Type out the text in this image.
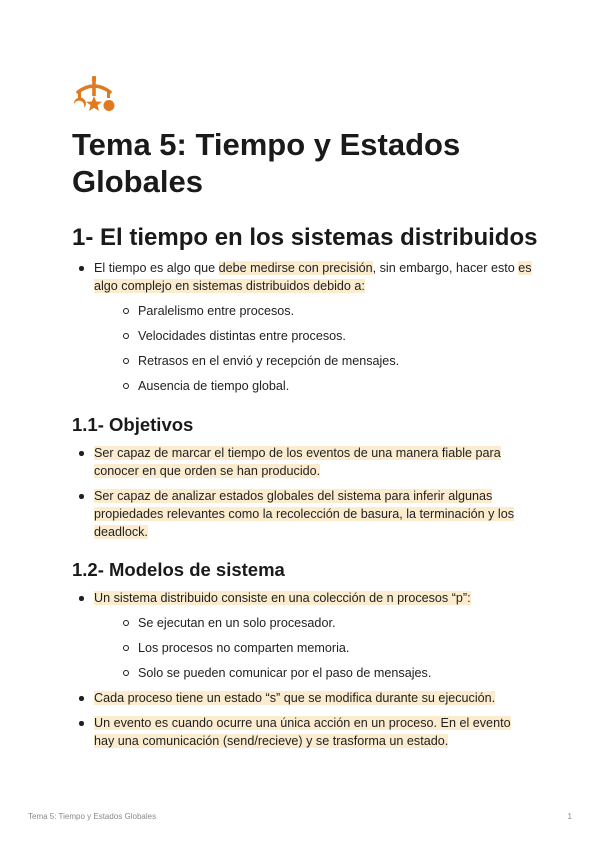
Tema 5: Tiempo y Estados Globales
1- El tiempo en los sistemas distribuidos
El tiempo es algo que debe medirse con precisión, sin embargo, hacer esto es algo complejo en sistemas distribuidos debido a:
Paralelismo entre procesos.
Velocidades distintas entre procesos.
Retrasos en el envió y recepción de mensajes.
Ausencia de tiempo global.
1.1- Objetivos
Ser capaz de marcar el tiempo de los eventos de una manera fiable para conocer en que orden se han producido.
Ser capaz de analizar estados globales del sistema para inferir algunas propiedades relevantes como la recolección de basura, la terminación y los deadlock.
1.2- Modelos de sistema
Un sistema distribuido consiste en una colección de n procesos “p”:
Se ejecutan en un solo procesador.
Los procesos no comparten memoria.
Solo se pueden comunicar por el paso de mensajes.
Cada proceso tiene un estado “s” que se modifica durante su ejecución.
Un evento es cuando ocurre una única acción en un proceso. En el evento hay una comunicación (send/recieve) y se trasforma un estado.
Tema 5: Tiempo y Estados Globales	1
